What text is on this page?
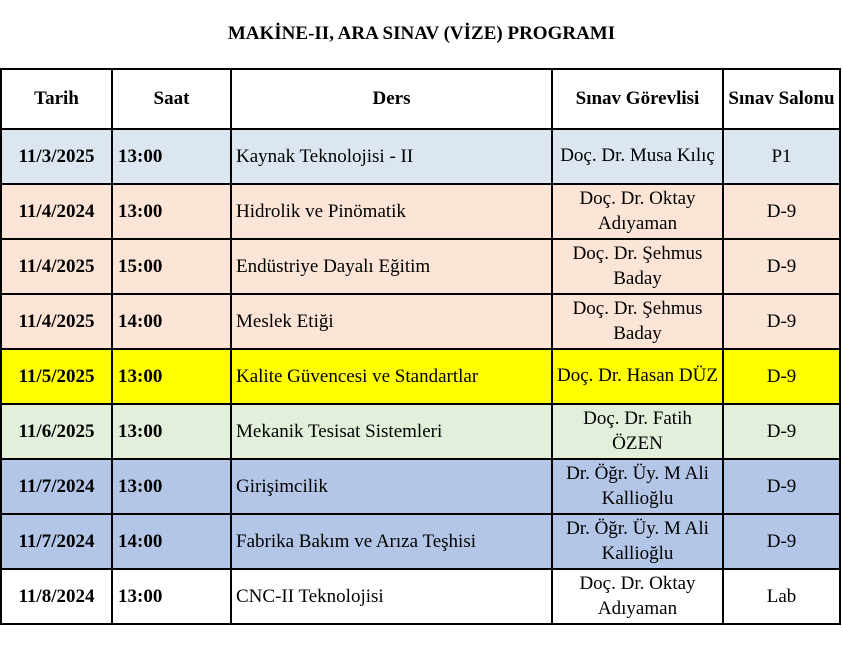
MAKİNE-II, ARA SINAV (VİZE) PROGRAMI
Tarih	Saat	Ders	Sınav Görevlisi	Sınav Salonu
11/3/2025	13:00	Kaynak Teknolojisi - II	Doç. Dr. Musa Kılıç	P1
11/4/2024	13:00	Hidrolik ve Pinömatik	Doç. Dr. Oktay Adıyaman	D-9
11/4/2025	15:00	Endüstriye Dayalı Eğitim	Doç. Dr. Şehmus Baday	D-9
11/4/2025	14:00	Meslek Etiği	Doç. Dr. Şehmus Baday	D-9
11/5/2025	13:00	Kalite Güvencesi ve Standartlar	Doç. Dr. Hasan DÜZ	D-9
11/6/2025	13:00	Mekanik Tesisat Sistemleri	Doç. Dr. Fatih ÖZEN	D-9
11/7/2024	13:00	Girişimcilik	Dr. Öğr. Üy. M Ali Kallioğlu	D-9
11/7/2024	14:00	Fabrika Bakım ve Arıza Teşhisi	Dr. Öğr. Üy. M Ali Kallioğlu	D-9
11/8/2024	13:00	CNC-II Teknolojisi	Doç. Dr. Oktay Adıyaman	Lab
